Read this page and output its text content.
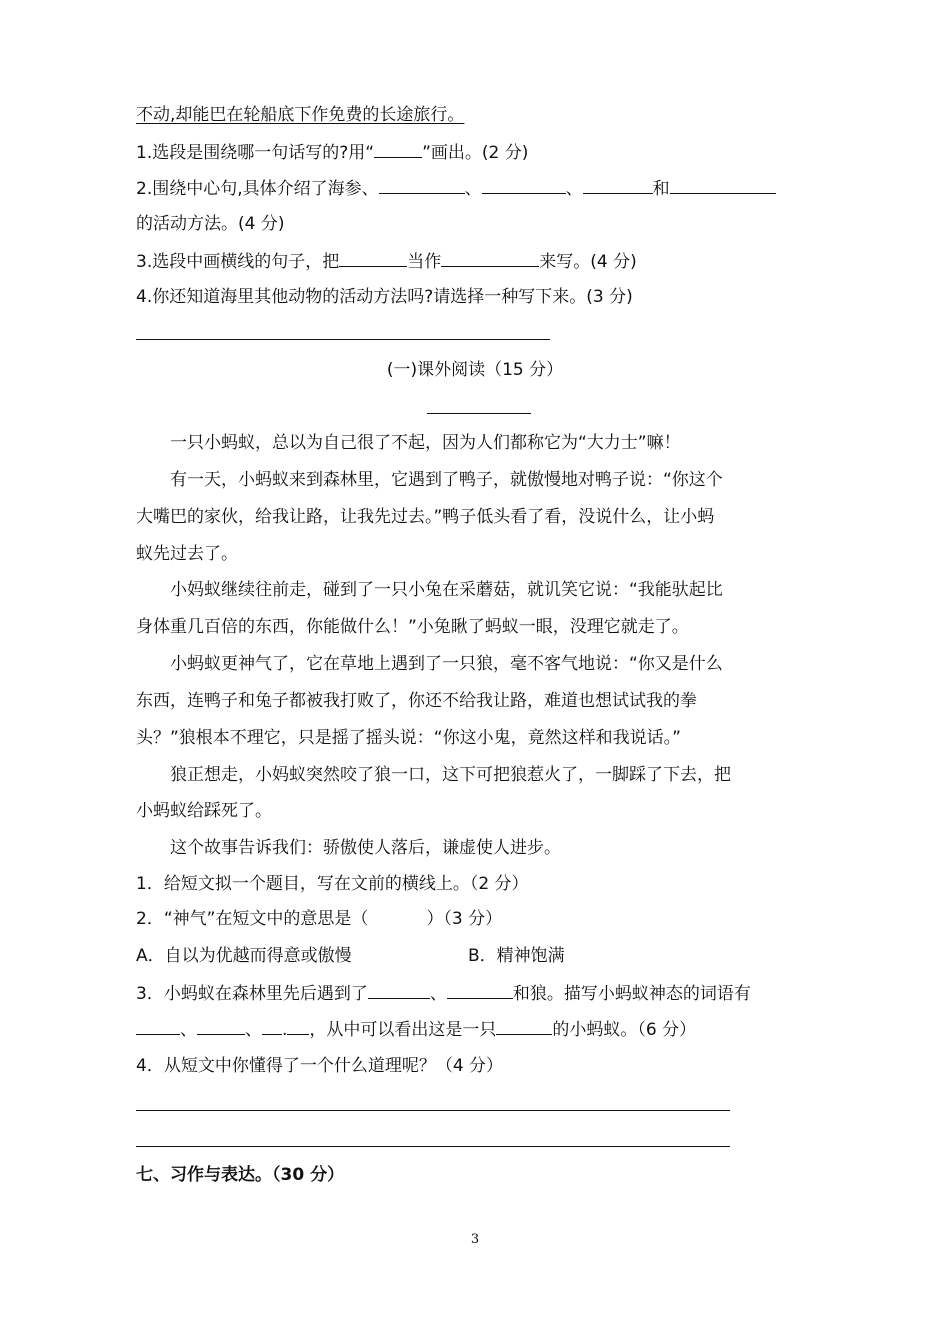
不动,却能巴在轮船底下作免费的长途旅行。
1.选段是围绕哪一句话写的?用“	”画出。(2 分)
2.围绕中心句,具体介绍了海参、	、	、	和
的活动方法。(4 分)
3.选段中画横线的句子，把	当作	来写。(4 分)
4.你还知道海里其他动物的活动方法吗?请选择一种写下来。(3 分)
(一)课外阅读（15 分）
一只小蚂蚁，总以为自己很了不起，因为人们都称它为“大力士”嘛！
有一天，小蚂蚁来到森林里，它遇到了鸭子，就傲慢地对鸭子说：“你这个
大嘴巴的家伙，给我让路，让我先过去。”鸭子低头看了看，没说什么，让小蚂
蚁先过去了。
小妈蚁继续往前走，碰到了一只小兔在采蘑菇，就讥笑它说：“我能驮起比
身体重几百倍的东西，你能做什么！”小兔瞅了蚂蚁一眼，没理它就走了。
小蚂蚁更神气了，它在草地上遇到了一只狼，毫不客气地说：“你又是什么
东西，连鸭子和兔子都被我打败了，你还不给我让路，难道也想试试我的拳
头？”狼根本不理它，只是摇了摇头说：“你这小鬼，竟然这样和我说话。”
狼正想走，小妈蚁突然咬了狼一口，这下可把狼惹火了，一脚踩了下去，把
小蚂蚁给踩死了。
这个故事告诉我们：骄傲使人落后，谦虚使人进步。
1．给短文拟一个题目，写在文前的横线上。（2 分）
2．“神气”在短文中的意思是（	）（3 分）
A．自以为优越而得意或傲慢	B．精神饱满
3．小蚂蚁在森林里先后遇到了	、	和狼。描写小蚂蚁神态的词语有
、	、 . ，从中可以看出这是一只	的小蚂蚁。（6 分）
4．从短文中你懂得了一个什么道理呢？（4 分）
七、习作与表达。（30 分）
3
